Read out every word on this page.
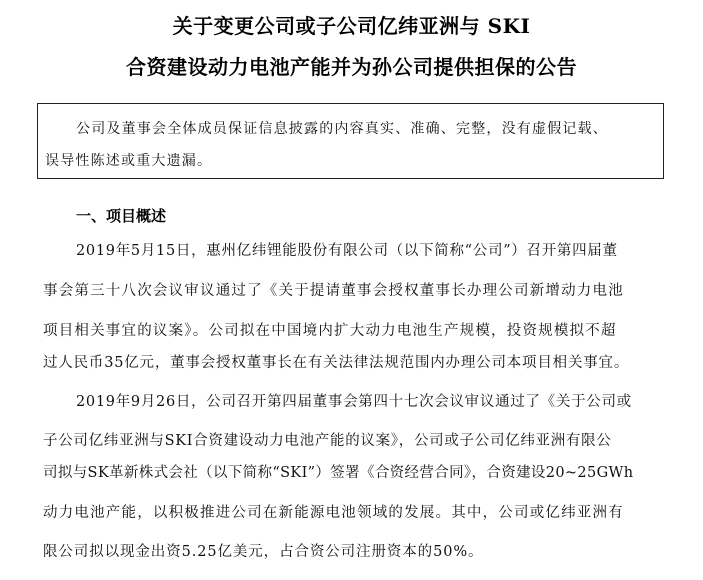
关于变更公司或子公司亿纬亚洲与 SKI
合资建设动力电池产能并为孙公司提供担保的公告
公司及董事会全体成员保证信息披露的内容真实、准确、完整，没有虚假记载、
误导性陈述或重大遗漏。
一、项目概述
2019年5月15日，惠州亿纬锂能股份有限公司（以下简称“公司”）召开第四届董
事会第三十八次会议审议通过了《关于提请董事会授权董事长办理公司新增动力电池
项目相关事宜的议案》。公司拟在中国境内扩大动力电池生产规模，投资规模拟不超
过人民币35亿元，董事会授权董事长在有关法律法规范围内办理公司本项目相关事宜。
2019年9月26日，公司召开第四届董事会第四十七次会议审议通过了《关于公司或
子公司亿纬亚洲与SKI合资建设动力电池产能的议案》，公司或子公司亿纬亚洲有限公
司拟与SK革新株式会社（以下简称“SKI”）签署《合资经营合同》，合资建设20~25GWh
动力电池产能，以积极推进公司在新能源电池领域的发展。其中，公司或亿纬亚洲有
限公司拟以现金出资5.25亿美元，占合资公司注册资本的50%。
